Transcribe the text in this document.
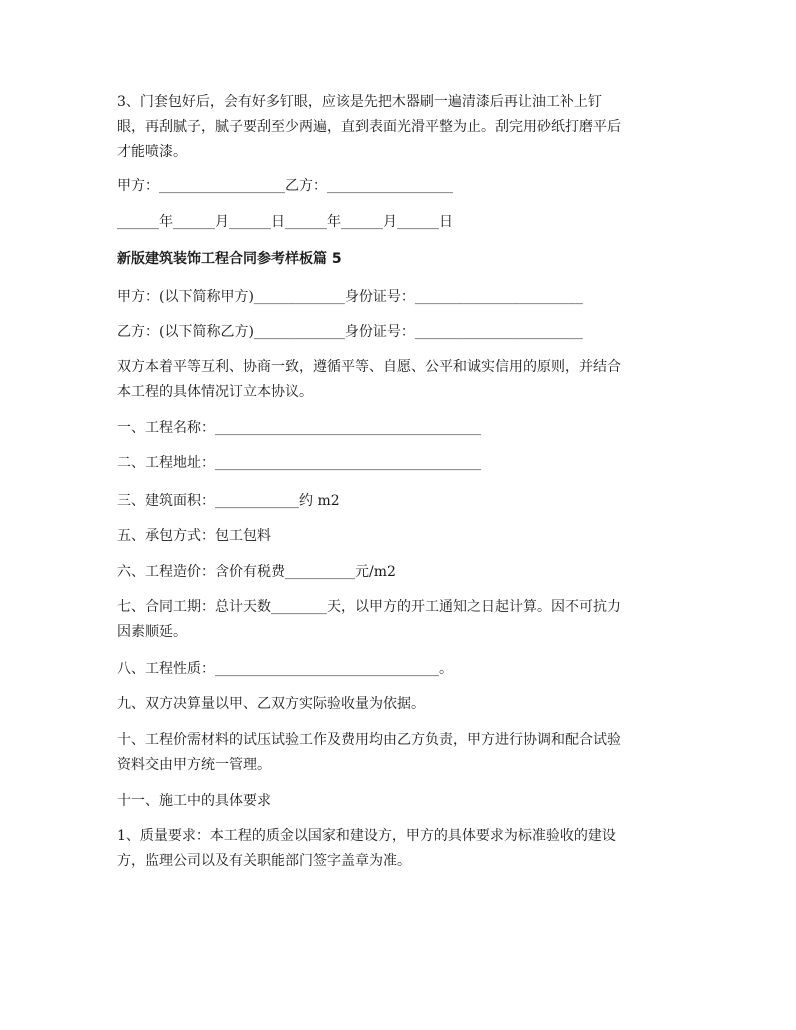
3、门套包好后，会有好多钉眼，应该是先把木器刷一遍清漆后再让油工补上钉
眼，再刮腻子，腻子要刮至少两遍，直到表面光滑平整为止。刮完用砂纸打磨平后
才能喷漆。

甲方：__________________乙方：__________________

______年______月______日______年______月______日

新版建筑装饰工程合同参考样板篇 5

甲方：(以下简称甲方)_____________身份证号：________________________

乙方：(以下简称乙方)_____________身份证号：________________________

双方本着平等互利、协商一致，遵循平等、自愿、公平和诚实信用的原则，并结合
本工程的具体情况订立本协议。

一、工程名称：______________________________________

二、工程地址：______________________________________

三、建筑面积：____________约 m2

五、承包方式：包工包料

六、工程造价：含价有税费__________元/m2

七、合同工期：总计天数________天，以甲方的开工通知之日起计算。因不可抗力
因素顺延。

八、工程性质：________________________________。

九、双方决算量以甲、乙双方实际验收量为依据。

十、工程价需材料的试压试验工作及费用均由乙方负责，甲方进行协调和配合试验
资料交由甲方统一管理。

十一、施工中的具体要求

1、质量要求：本工程的质金以国家和建设方，甲方的具体要求为标准验收的建设
方，监理公司以及有关职能部门签字盖章为准。
